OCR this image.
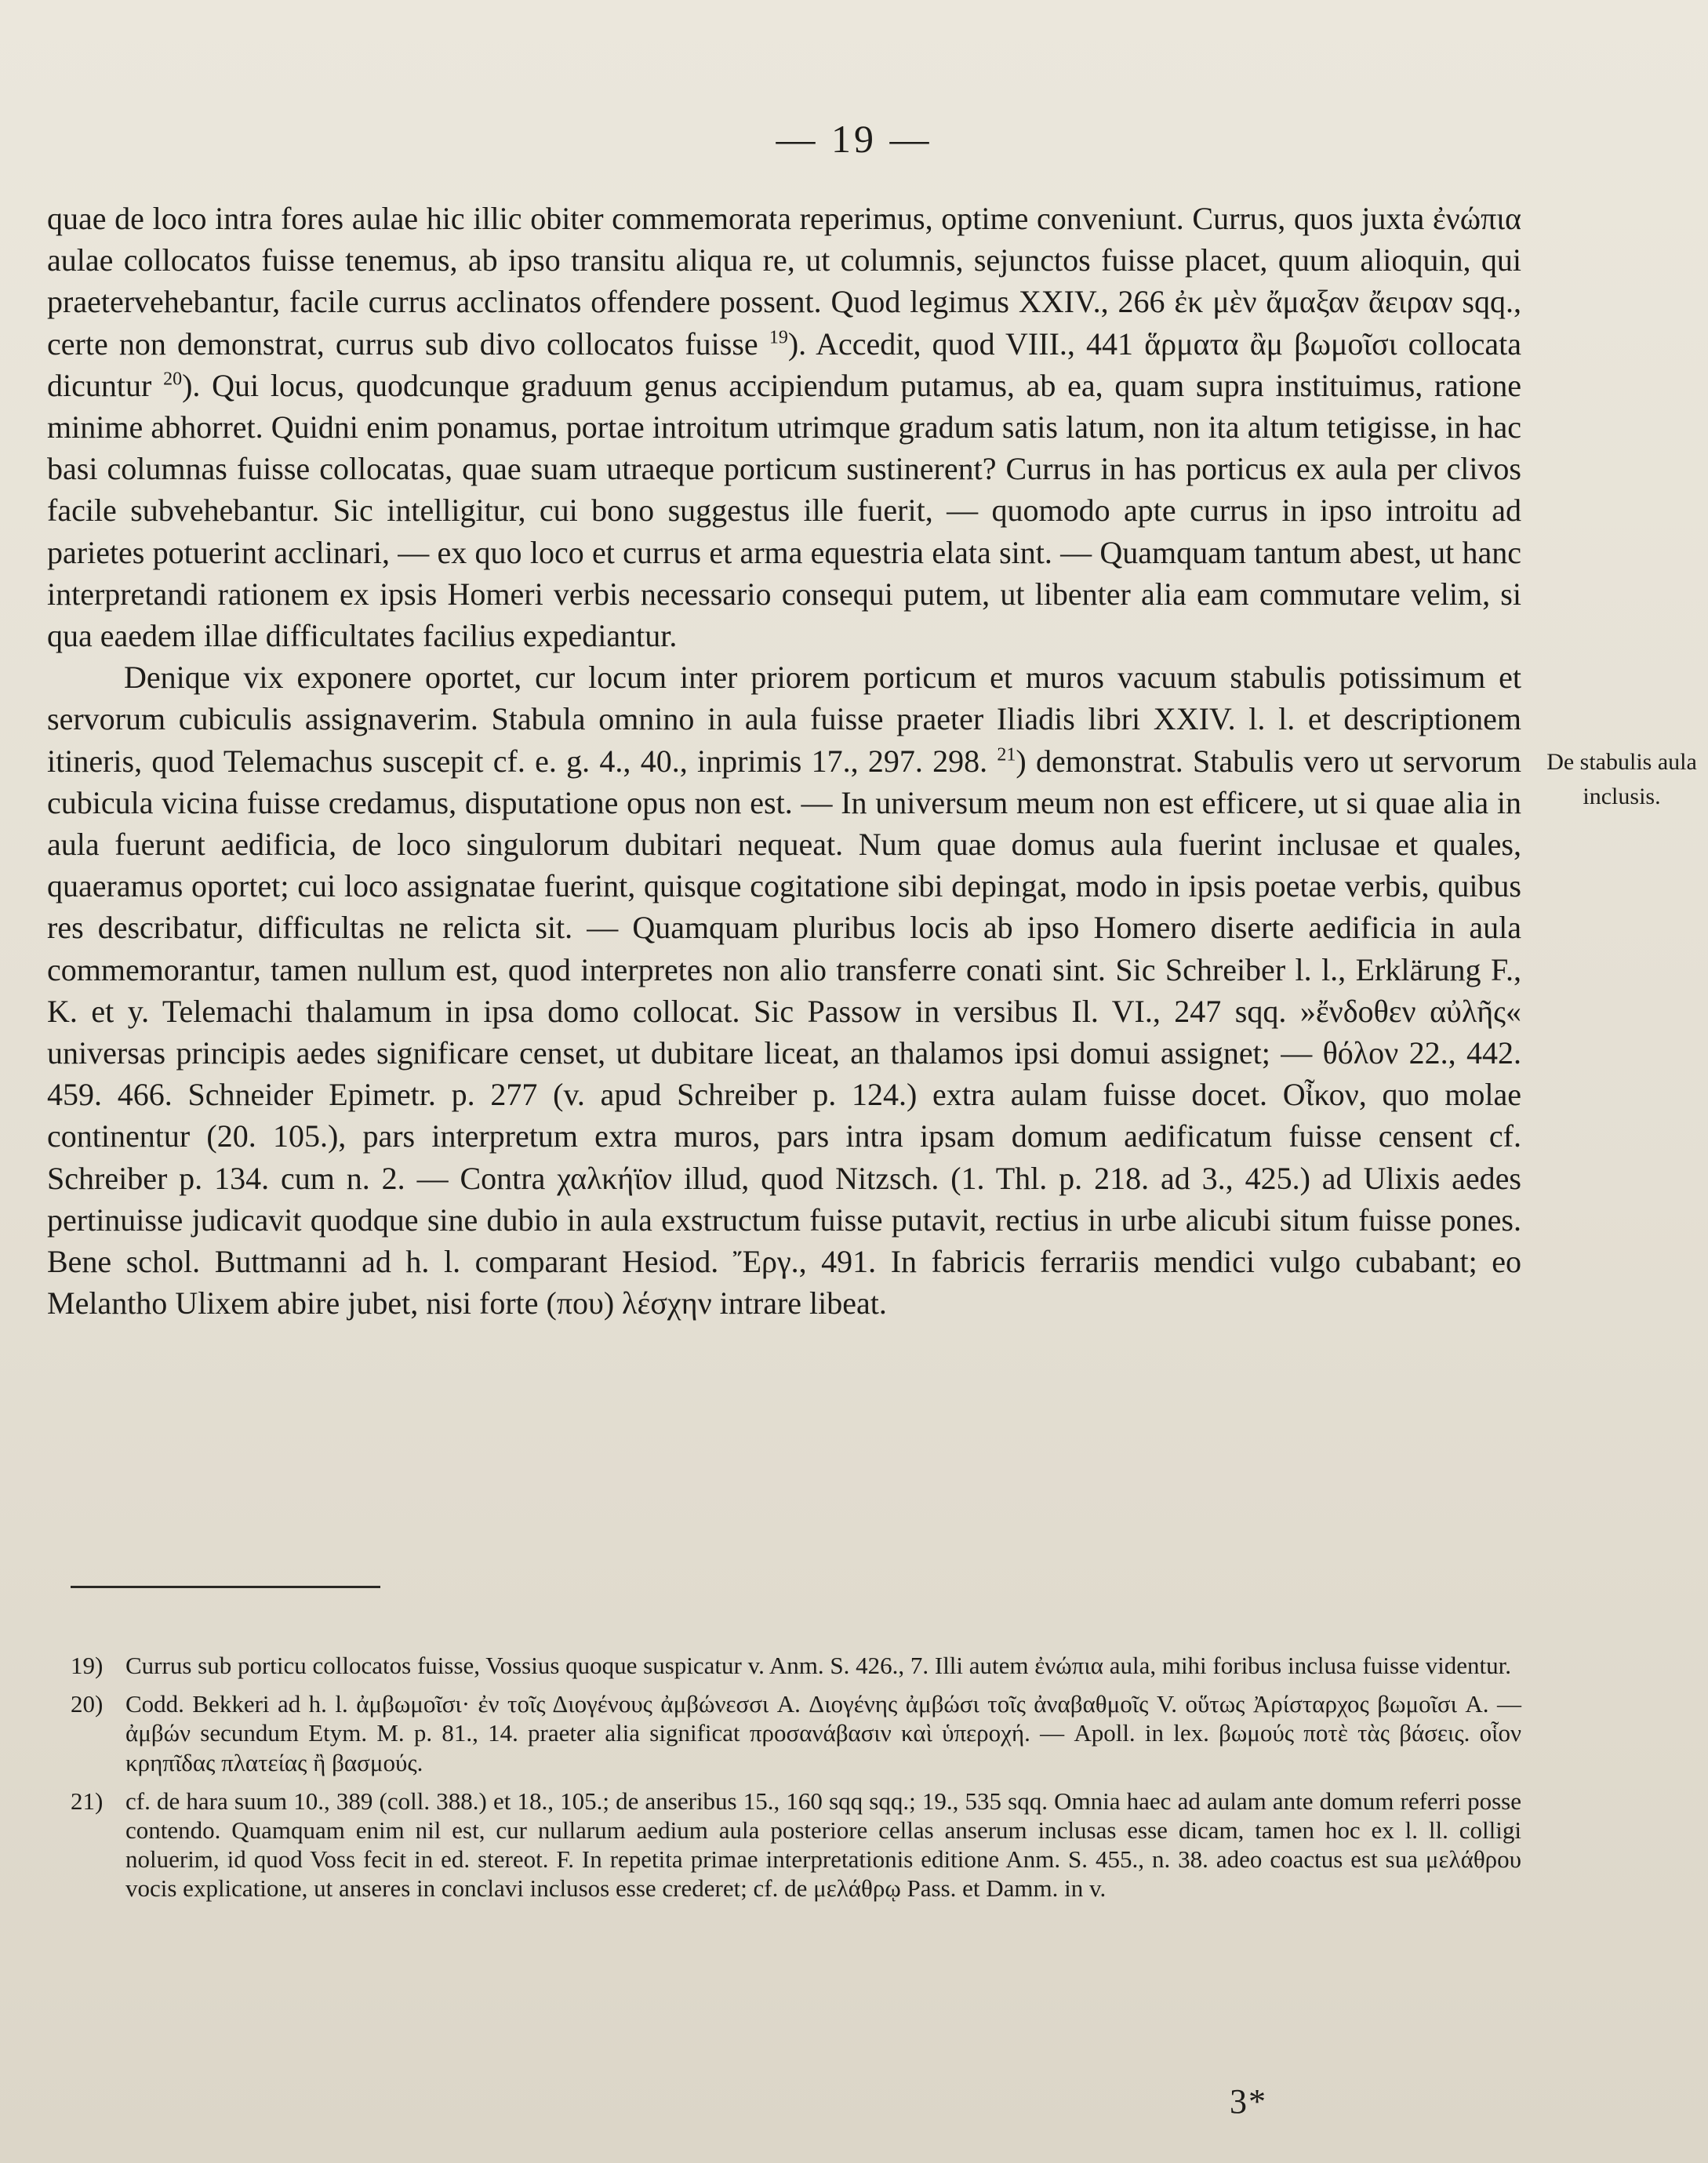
— 19 —

quae de loco intra fores aulae hic illic obiter commemorata reperimus, optime conveniunt. Currus, quos juxta ἐνώπια aulae collocatos fuisse tenemus, ab ipso transitu aliqua re, ut columnis, sejunctos fuisse placet, quum alioquin, qui praetervehebantur, facile currus acclinatos offendere possent. Quod legimus XXIV., 266 ἐκ μὲν ἄμαξαν ἄειραν sqq., certe non demonstrat, currus sub divo collocatos fuisse $^{19}$). Accedit, quod VIII., 441 ἅρματα ἂμ βωμοῖσι collocata dicuntur $^{20}$). Qui locus, quodcunque graduum genus accipiendum putamus, ab ea, quam supra instituimus, ratione minime abhorret. Quidni enim ponamus, portae introitum utrimque gradum satis latum, non ita altum tetigisse, in hac basi columnas fuisse collocatas, quae suam utraeque porticum sustinerent? Currus in has porticus ex aula per clivos facile subvehebantur. Sic intelligitur, cui bono suggestus ille fuerit, — quomodo apte currus in ipso introitu ad parietes potuerint acclinari, — ex quo loco et currus et arma equestria elata sint. — Quamquam tantum abest, ut hanc interpretandi rationem ex ipsis Homeri verbis necessario consequi putem, ut libenter alia eam commutare velim, si qua eaedem illae difficultates facilius expediantur.

Denique vix exponere oportet, cur locum inter priorem porticum et muros vacuum stabulis potissimum et servorum cubiculis assignaverim. Stabula omnino in aula fuisse praeter Iliadis libri XXIV. l. l. et descriptionem itineris, quod Telemachus suscepit cf. e. g. 4., 40., inprimis 17., 297. 298. $^{21}$) demonstrat. Stabulis vero ut servorum cubicula vicina fuisse credamus, disputatione opus non est. — In universum meum non est efficere, ut si quae alia in aula fuerunt aedificia, de loco singulorum dubitari nequeat. Num quae domus aula fuerint inclusae et quales, quaeramus oportet; cui loco assignatae fuerint, quisque cogitatione sibi depingat, modo in ipsis poetae verbis, quibus res describatur, difficultas ne relicta sit. — Quamquam pluribus locis ab ipso Homero diserte aedificia in aula commemorantur, tamen nullum est, quod interpretes non alio transferre conati sint. Sic Schreiber l. l., Erklärung F., K. et y. Telemachi thalamum in ipsa domo collocat. Sic Passow in versibus Il. VI., 247 sqq. »ἔνδοθεν αὐλῆς« universas principis aedes significare censet, ut dubitare liceat, an thalamos ipsi domui assignet; — θόλον 22., 442. 459. 466. Schneider Epimetr. p. 277 (v. apud Schreiber p. 124.) extra aulam fuisse docet. Οἶκον, quo molae continentur (20. 105.), pars interpretum extra muros, pars intra ipsam domum aedificatum fuisse censent cf. Schreiber p. 134. cum n. 2. — Contra χαλκήϊον illud, quod Nitzsch. (1. Thl. p. 218. ad 3., 425.) ad Ulixis aedes pertinuisse judicavit quodque sine dubio in aula exstructum fuisse putavit, rectius in urbe alicubi situm fuisse pones. Bene schol. Buttmanni ad h. l. comparant Hesiod. Ἔργ., 491. In fabricis ferrariis mendici vulgo cubabant; eo Melantho Ulixem abire jubet, nisi forte (που) λέσχην intrare libeat.

De stabulis aula inclusis.
19) Currus sub porticu collocatos fuisse, Vossius quoque suspicatur v. Anm. S. 426., 7. Illi autem ἐνώπια aula, mihi foribus inclusa fuisse videntur.
20) Codd. Bekkeri ad h. l. ἀμβωμοῖσι· ἐν τοῖς Διογένους ἀμβώνεσσι A. Διογένης ἀμβώσι τοῖς ἀναβαθμοῖς V. οὕτως Ἀρίσταρχος βωμοῖσι A. — ἀμβών secundum Etym. M. p. 81., 14. praeter alia significat προσανάβασιν καὶ ὑπεροχή. — Apoll. in lex. βωμούς ποτὲ τὰς βάσεις. οἷον κρηπῖδας πλατείας ἢ βασμούς.
21) cf. de hara suum 10., 389 (coll. 388.) et 18., 105.; de anseribus 15., 160 sqq sqq.; 19., 535 sqq. Omnia haec ad aulam ante domum referri posse contendo. Quamquam enim nil est, cur nullarum aedium aula posteriore cellas anserum inclusas esse dicam, tamen hoc ex l. ll. colligi noluerim, id quod Voss fecit in ed. stereot. F. In repetita primae interpretationis editione Anm. S. 455., n. 38. adeo coactus est sua μελάθρου vocis explicatione, ut anseres in conclavi inclusos esse crederet; cf. de μελάθρῳ Pass. et Damm. in v.
3*
